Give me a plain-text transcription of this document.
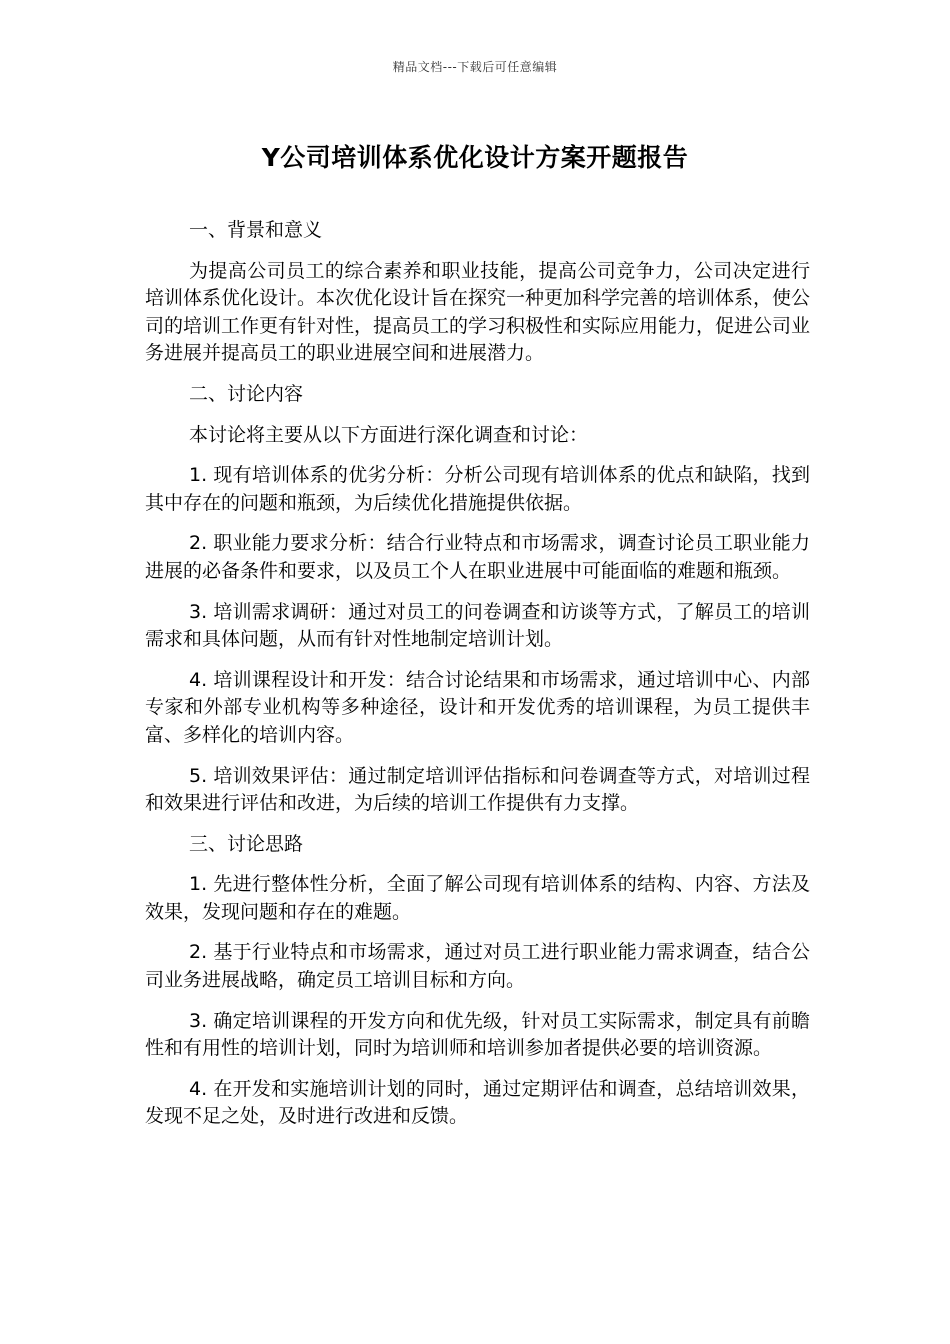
精品文档---下载后可任意编辑
Y公司培训体系优化设计方案开题报告

一、背景和意义

为提高公司员工的综合素养和职业技能，提高公司竞争力，公司决定进行培训体系优化设计。本次优化设计旨在探究一种更加科学完善的培训体系，使公司的培训工作更有针对性，提高员工的学习积极性和实际应用能力，促进公司业务进展并提高员工的职业进展空间和进展潜力。

二、讨论内容

本讨论将主要从以下方面进行深化调查和讨论：

1. 现有培训体系的优劣分析：分析公司现有培训体系的优点和缺陷，找到其中存在的问题和瓶颈，为后续优化措施提供依据。

2. 职业能力要求分析：结合行业特点和市场需求，调查讨论员工职业能力进展的必备条件和要求，以及员工个人在职业进展中可能面临的难题和瓶颈。

3. 培训需求调研：通过对员工的问卷调查和访谈等方式，了解员工的培训需求和具体问题，从而有针对性地制定培训计划。

4. 培训课程设计和开发：结合讨论结果和市场需求，通过培训中心、内部专家和外部专业机构等多种途径，设计和开发优秀的培训课程，为员工提供丰富、多样化的培训内容。

5. 培训效果评估：通过制定培训评估指标和问卷调查等方式，对培训过程和效果进行评估和改进，为后续的培训工作提供有力支撑。

三、讨论思路

1. 先进行整体性分析，全面了解公司现有培训体系的结构、内容、方法及效果，发现问题和存在的难题。

2. 基于行业特点和市场需求，通过对员工进行职业能力需求调查，结合公司业务进展战略，确定员工培训目标和方向。

3. 确定培训课程的开发方向和优先级，针对员工实际需求，制定具有前瞻性和有用性的培训计划，同时为培训师和培训参加者提供必要的培训资源。

4. 在开发和实施培训计划的同时，通过定期评估和调查，总结培训效果，发现不足之处，及时进行改进和反馈。
